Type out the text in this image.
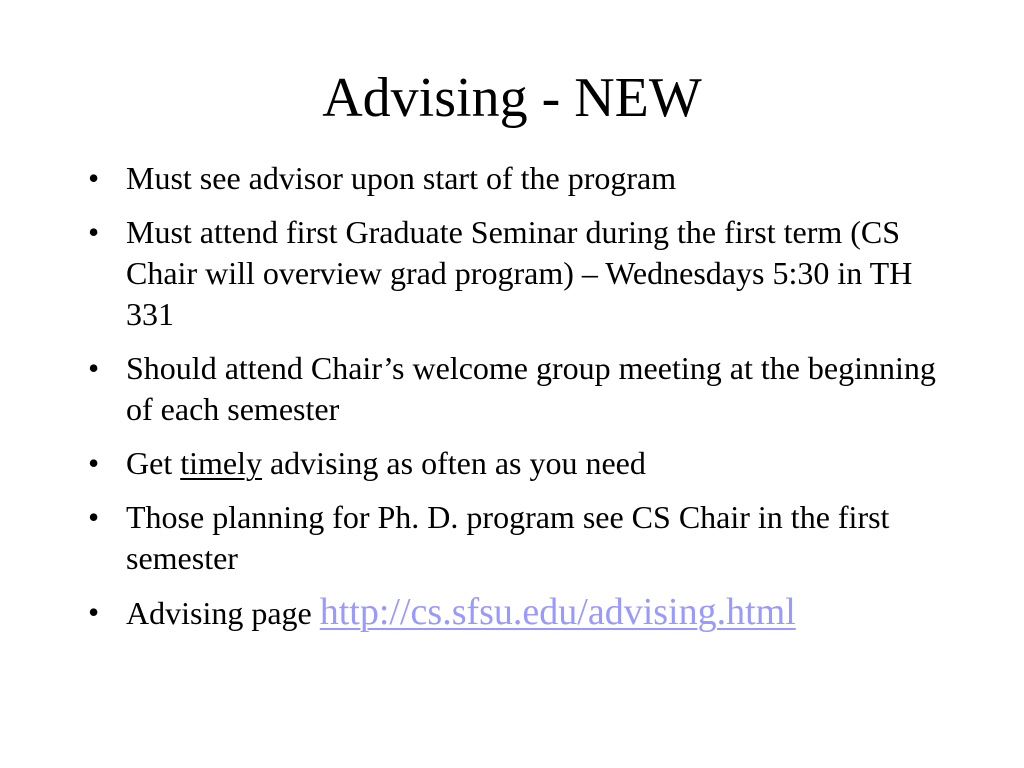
Advising - NEW
• Must see advisor upon start of the program
• Must attend first Graduate Seminar during the first term (CS Chair will overview grad program) – Wednesdays 5:30 in TH 331
• Should attend Chair’s welcome group meeting at the beginning of each semester
• Get timely advising as often as you need
• Those planning for Ph. D. program see CS Chair in the first semester
• Advising page http://cs.sfsu.edu/advising.html
